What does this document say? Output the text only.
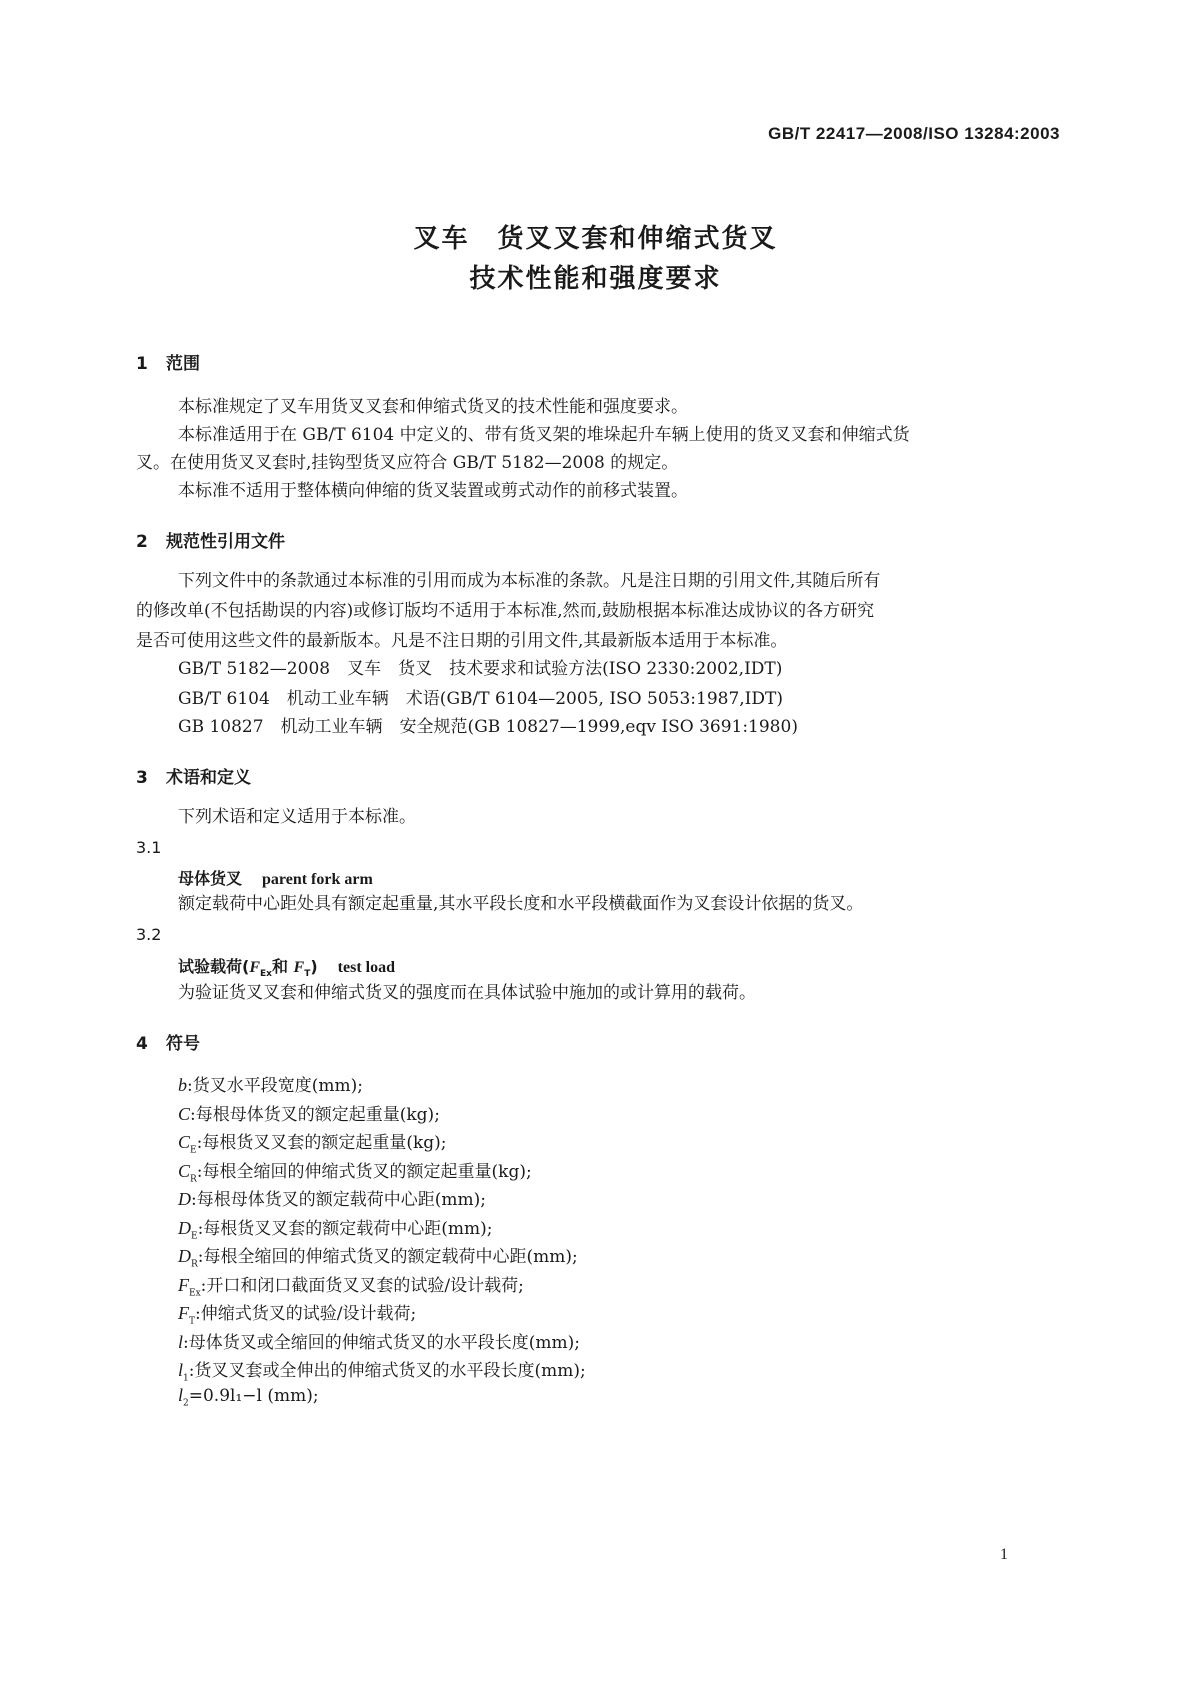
GB/T 22417—2008/ISO 13284:2003
叉车　货叉叉套和伸缩式货叉
技术性能和强度要求
1 范围
本标准规定了叉车用货叉叉套和伸缩式货叉的技术性能和强度要求。
本标准适用于在 GB/T 6104 中定义的、带有货叉架的堆垛起升车辆上使用的货叉叉套和伸缩式货
叉。在使用货叉叉套时,挂钩型货叉应符合 GB/T 5182—2008 的规定。
本标准不适用于整体横向伸缩的货叉装置或剪式动作的前移式装置。
2 规范性引用文件
下列文件中的条款通过本标准的引用而成为本标准的条款。凡是注日期的引用文件,其随后所有
的修改单(不包括勘误的内容)或修订版均不适用于本标准,然而,鼓励根据本标准达成协议的各方研究
是否可使用这些文件的最新版本。凡是不注日期的引用文件,其最新版本适用于本标准。
GB/T 5182—2008　叉车　货叉　技术要求和试验方法(ISO 2330:2002,IDT)
GB/T 6104　机动工业车辆　术语(GB/T 6104—2005, ISO 5053:1987,IDT)
GB 10827　机动工业车辆　安全规范(GB 10827—1999,eqv ISO 3691:1980)
3 术语和定义
下列术语和定义适用于本标准。
3.1
母体货叉 parent fork arm
额定载荷中心距处具有额定起重量,其水平段长度和水平段横截面作为叉套设计依据的货叉。
3.2
试验载荷($F_{Ex}$和 $F_T$) test load
为验证货叉叉套和伸缩式货叉的强度而在具体试验中施加的或计算用的载荷。
4 符号
b:货叉水平段宽度(mm);
C:每根母体货叉的额定起重量(kg);
$C_E$:每根货叉叉套的额定起重量(kg);
$C_R$:每根全缩回的伸缩式货叉的额定起重量(kg);
D:每根母体货叉的额定载荷中心距(mm);
$D_E$:每根货叉叉套的额定载荷中心距(mm);
$D_R$:每根全缩回的伸缩式货叉的额定载荷中心距(mm);
$F_{Ex}$:开口和闭口截面货叉叉套的试验/设计载荷;
$F_T$:伸缩式货叉的试验/设计载荷;
l:母体货叉或全缩回的伸缩式货叉的水平段长度(mm);
$l_1$:货叉叉套或全伸出的伸缩式货叉的水平段长度(mm);
$l_2=0.9l_1-l$ (mm);
1
